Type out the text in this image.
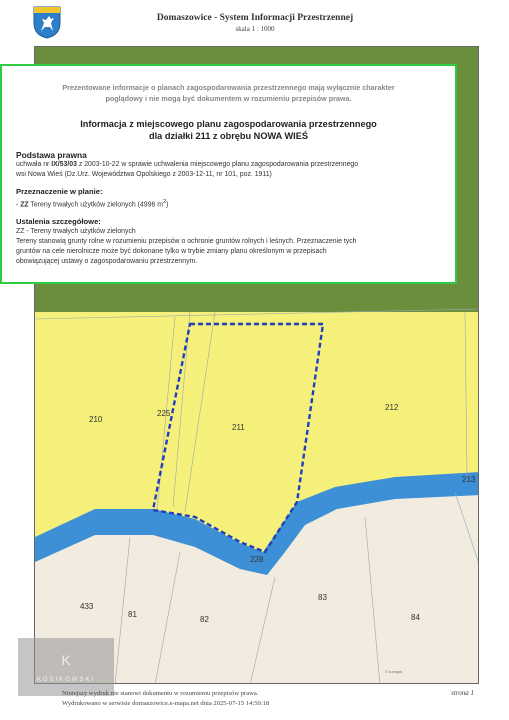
Domaszowice - System Informacji Przestrzennej
skala 1 : 1000
210
225
211
212
213
228
433
81
82
83
84
Prezentowane informacje o planach zagospodarowania przestrzennego mają wyłącznie charakter
poglądowy i nie mogą być dokumentem w rozumieniu przepisów prawa.
Informacja z miejscowego planu zagospodarowania przestrzennego
dla działki 211 z obrębu NOWA WIEŚ
Podstawa prawna
uchwała nr IX/53/03 z 2003-10-22 w sprawie uchwalenia miejscowego planu zagospodarowania przestrzennego
wsi Nowa Wieś (Dz.Urz. Województwa Opolskiego z 2003-12-11, nr 101, poz. 1911)
Przeznaczenie w planie:
- ZZ Tereny trwałych użytków zielonych (4996 $m^2$)
Ustalenia szczegółowe:
ZZ - Tereny trwałych użytków zielonych
Tereny stanowią grunty rolne w rozumieniu przepisów o ochronie gruntów rolnych i leśnych. Przeznaczenie tych
gruntów na cele nierolnicze może być dokonane tylko w trybie zmiany planu określonym w przepisach
obowiązującej ustawy o zagospodarowaniu przestrzennym.
© e-mapa
K
KOSIKOWSKI
Niniejszy wydruk nie stanowi dokumentu w rozumieniu przepisów prawa.
Wydrukowano w serwisie domaszowice.e-mapa.net dnia 2025-07-15 14:50:18
strona 1
